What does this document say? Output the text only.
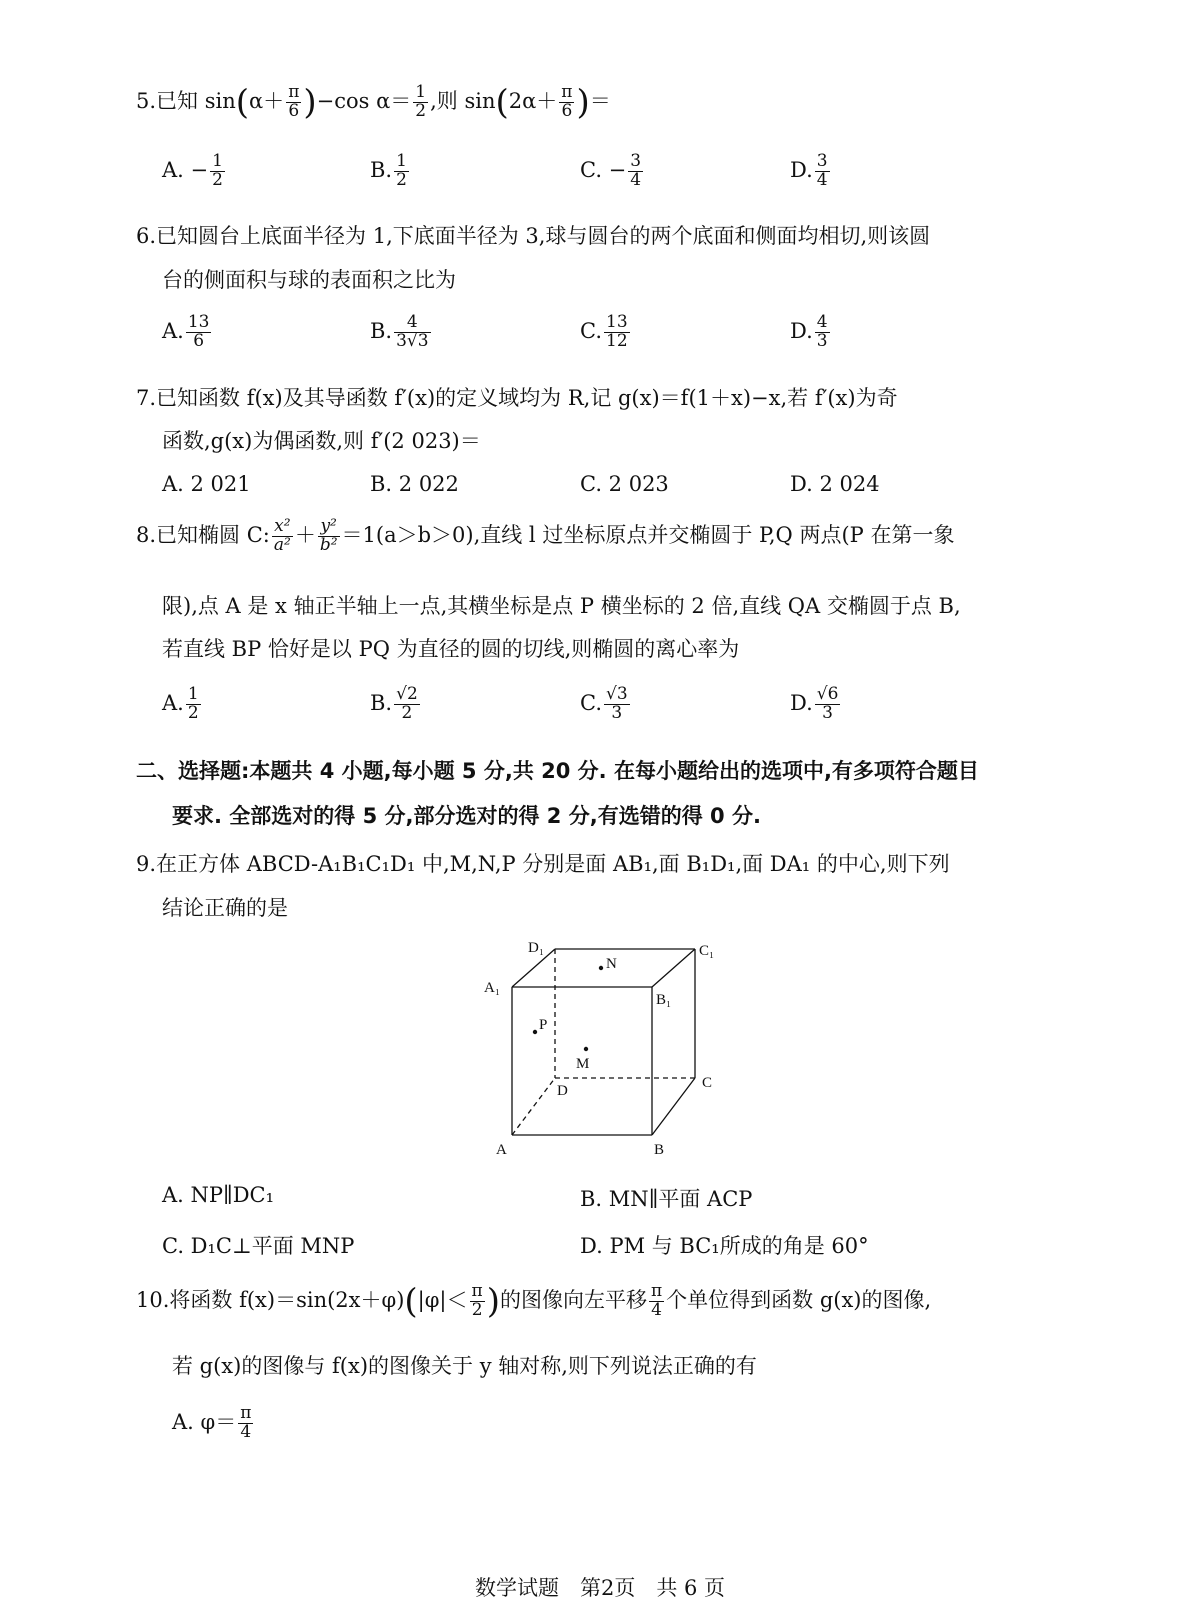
5.已知 $\sin(\alpha+ \frac{\pi}{6} )-\cos$ $\alpha= \frac{1}{2}$ ,则 $\sin(2\alpha+ \frac{\pi}{6}$ )＝
A. − $\frac{1}{2}$	B. $\frac{1}{2}$	C. − $\frac{3}{4}$	D. $\frac{3}{4}$
6.已知圆台上底面半径为 1,下底面半径为 3,球与圆台的两个底面和侧面均相切,则该圆
台的侧面积与球的表面积之比为
A. $\frac{13}{6}$	B. $\frac{4}{3√3}$	C. $\frac{13}{12}$	D. $\frac{4}{3}$
7.已知函数 f(x)及其导函数 f′(x)的定义域均为 R,记 g(x)＝f(1＋x)−x,若 f′(x)为奇
函数,g(x)为偶函数,则 f′(2 023)＝
A. 2 021	B. 2 022	C. 2 023	D. 2 024
8.已知椭圆 C: $\frac{\text{x²}}{\text{a²}} + \frac{\text{y²}}{\text{b²}} =1(a>b>0)$,直线 l 过坐标原点并交椭圆于 P,Q 两点(P 在第一象
限),点 A 是 x 轴正半轴上一点,其横坐标是点 P 横坐标的 2 倍,直线 QA 交椭圆于点 B,
若直线 BP 恰好是以 PQ 为直径的圆的切线,则椭圆的离心率为
A. $\frac{1}{2}$	B. $\frac{√2}{2}$	C. $\frac{√3}{3}$	D. $\frac{√6}{3}$
二、选择题:本题共 4 小题,每小题 5 分,共 20 分. 在每小题给出的选项中,有多项符合题目
要求. 全部选对的得 5 分,部分选对的得 2 分,有选错的得 0 分.
9.在正方体 ABCD-A₁B₁C₁D₁ 中,M,N,P 分别是面 AB₁,面 B₁D₁,面 DA₁ 的中心,则下列
结论正确的是
D₁	C₁
A₁
B₁
N
P
M
D	C
A	B
A. NP∥DC₁	B. MN∥平面 ACP
C. D₁C⊥平面 MNP	D. PM 与 BC₁所成的角是 60°
10.将函数 $f(x)=\sin(2x+\varphi)(|\varphi|< \frac{\pi}{2}$ )的图像向左平移 $\frac{\pi}{4}$ 个单位得到函数 g(x)的图像,
若 g(x)的图像与 f(x)的图像关于 y 轴对称,则下列说法正确的有
A. $\varphi= \frac{\pi}{4}$
数学试题　第2页　共 6 页
